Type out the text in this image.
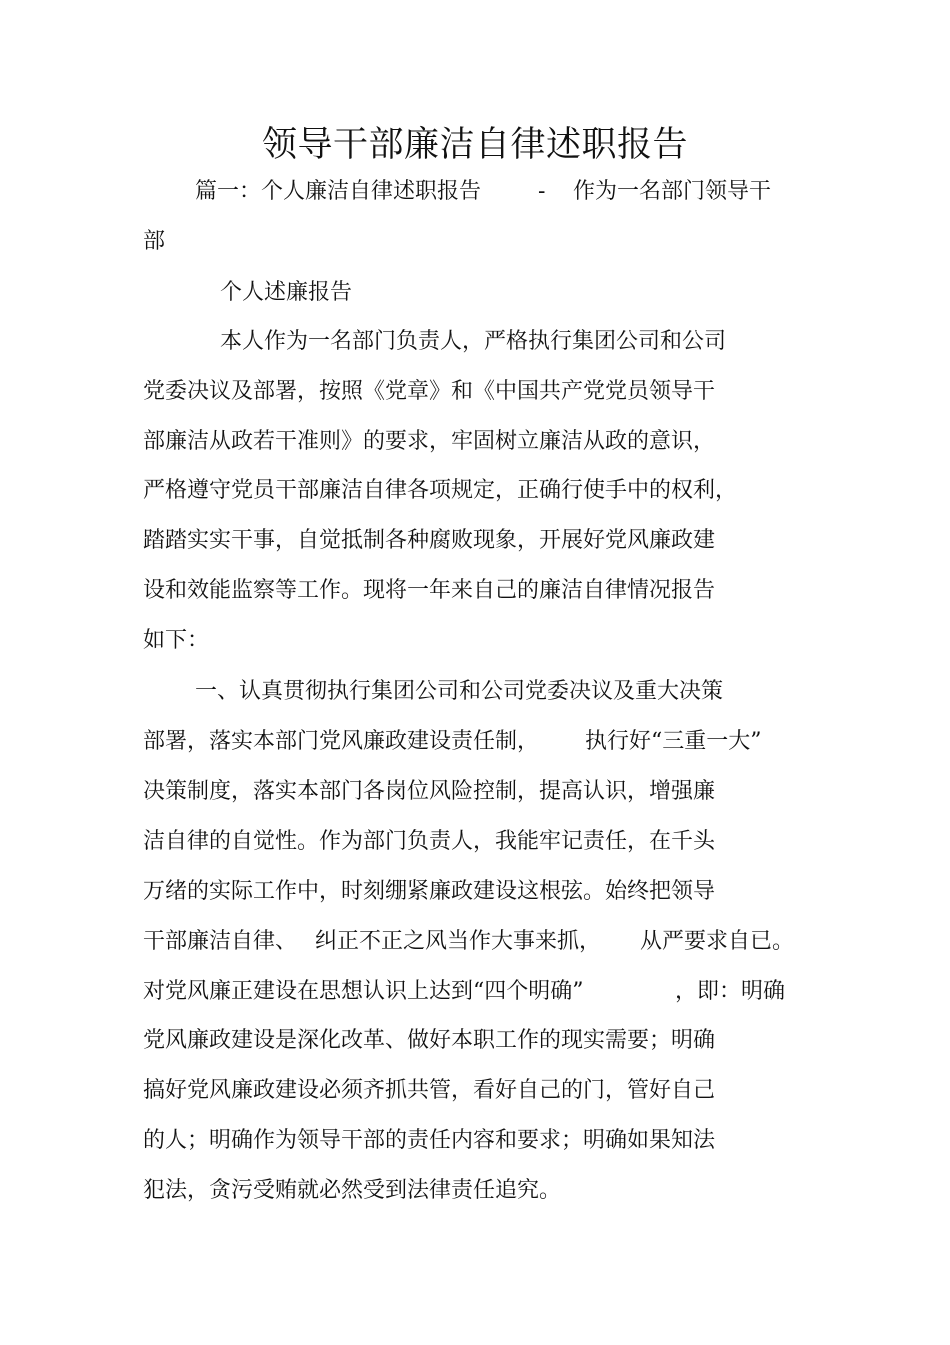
领导干部廉洁自律述职报告
篇一：个人廉洁自律述职报告	- 作为一名部门领导干
部
个人述廉报告
本人作为一名部门负责人，严格执行集团公司和公司
党委决议及部署，按照《党章》和《中国共产党党员领导干
部廉洁从政若干准则》的要求，牢固树立廉洁从政的意识，
严格遵守党员干部廉洁自律各项规定，正确行使手中的权利，
踏踏实实干事，自觉抵制各种腐败现象，开展好党风廉政建
设和效能监察等工作。现将一年来自己的廉洁自律情况报告
如下：
一、认真贯彻执行集团公司和公司党委决议及重大决策
部署，落实本部门党风廉政建设责任制， 执行好“三重一大”
决策制度，落实本部门各岗位风险控制，提高认识，增强廉
洁自律的自觉性。作为部门负责人，我能牢记责任，在千头
万绪的实际工作中，时刻绷紧廉政建设这根弦。始终把领导
干部廉洁自律、 纠正不正之风当作大事来抓， 从严要求自已。
对党风廉正建设在思想认识上达到“四个明确”	，即：明确
党风廉政建设是深化改革、做好本职工作的现实需要；明确
搞好党风廉政建设必须齐抓共管，看好自己的门，管好自己
的人；明确作为领导干部的责任内容和要求；明确如果知法
犯法，贪污受贿就必然受到法律责任追究。
